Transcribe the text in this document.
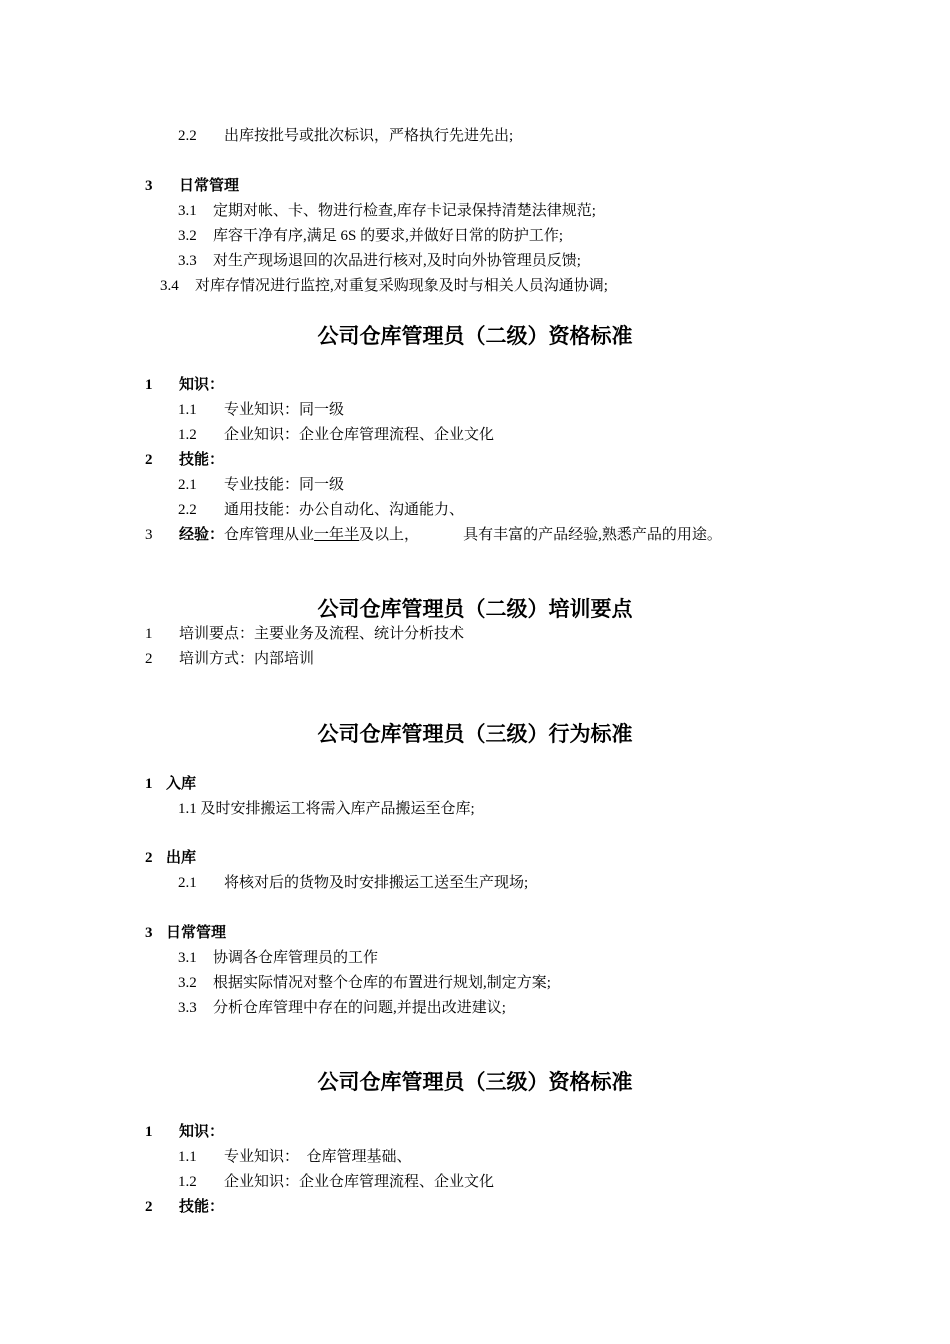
2.2 出库按批号或批次标识，严格执行先进先出;
3 日常管理
3.1 定期对帐、卡、物进行检查,库存卡记录保持清楚法律规范;
3.2 库容干净有序,满足 6S 的要求,并做好日常的防护工作;
3.3 对生产现场退回的次品进行核对,及时向外协管理员反馈;
3.4 对库存情况进行监控,对重复采购现象及时与相关人员沟通协调;
公司仓库管理员（二级）资格标准
1 知识：
1.1 专业知识：同一级
1.2 企业知识：企业仓库管理流程、企业文化
2 技能：
2.1 专业技能：同一级
2.2 通用技能：办公自动化、沟通能力、
3 经验：仓库管理从业一年半及以上，	具有丰富的产品经验,熟悉产品的用途。
公司仓库管理员（二级）培训要点
1 培训要点：主要业务及流程、统计分析技术
2 培训方式：内部培训
公司仓库管理员（三级）行为标准
1 入库
1.1 及时安排搬运工将需入库产品搬运至仓库;
2 出库
2.1 将核对后的货物及时安排搬运工送至生产现场;
3 日常管理
3.1 协调各仓库管理员的工作
3.2 根据实际情况对整个仓库的布置进行规划,制定方案;
3.3 分析仓库管理中存在的问题,并提出改进建议;
公司仓库管理员（三级）资格标准
1 知识：
1.1 专业知识：  仓库管理基础、
1.2 企业知识：企业仓库管理流程、企业文化
2 技能：
